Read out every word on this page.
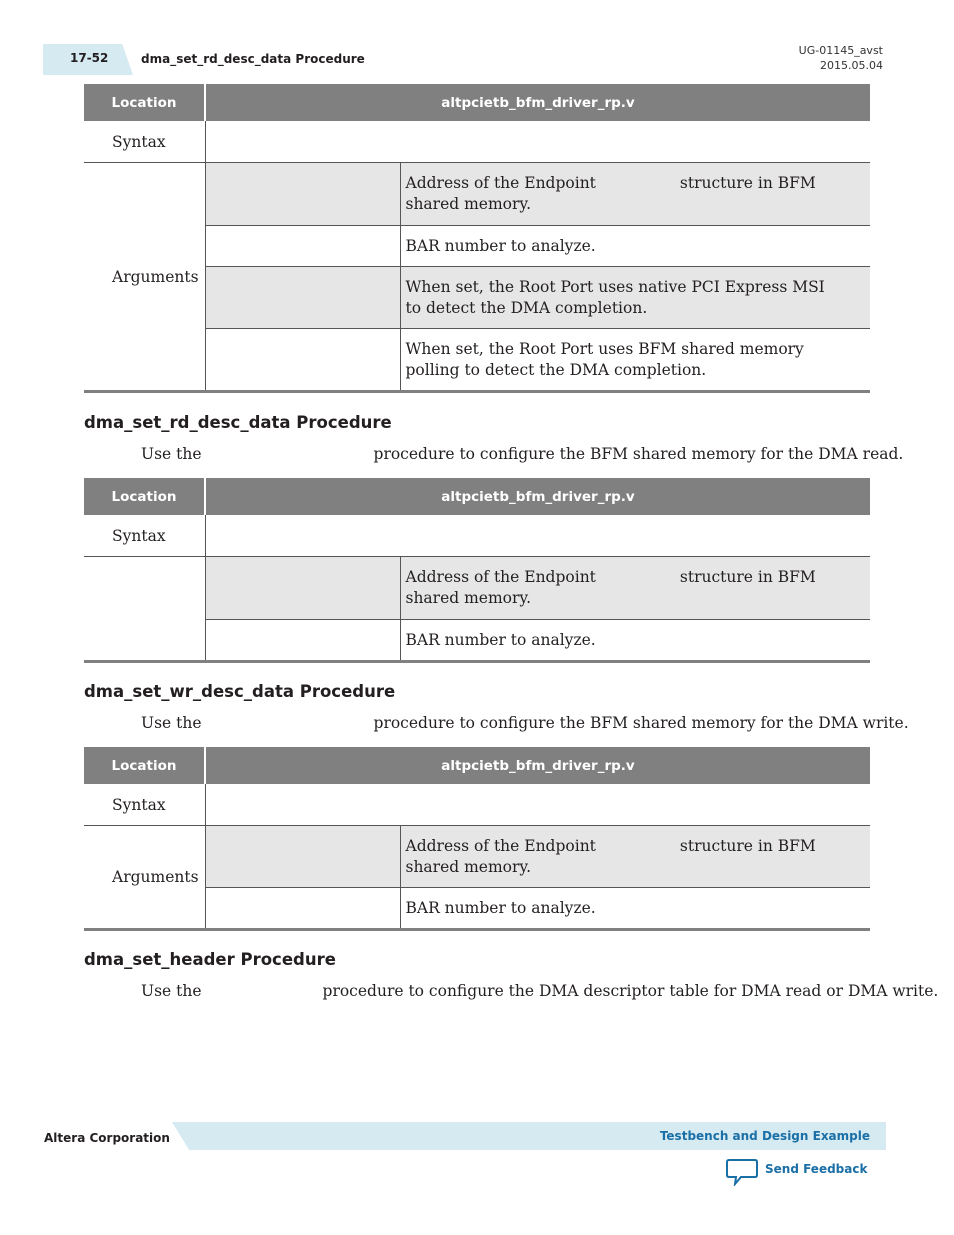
17-52	dma_set_rd_desc_data Procedure
UG-01145_avst
2015.05.04
Location	altpcietb_bfm_driver_rp.v	
Syntax		
Arguments		Address of the Endpoint structure in BFM shared memory.
		BAR number to analyze.
		When set, the Root Port uses native PCI Express MSI to detect the DMA completion.
		When set, the Root Port uses BFM shared memory polling to detect the DMA completion.
dma_set_rd_desc_data Procedure
Use the	procedure to configure the BFM shared memory for the DMA read.
Location	altpcietb_bfm_driver_rp.v	
Syntax		
		Address of the Endpoint structure in BFM shared memory.
		BAR number to analyze.
dma_set_wr_desc_data Procedure
Use the	procedure to configure the BFM shared memory for the DMA write.
Location	altpcietb_bfm_driver_rp.v	
Syntax		
Arguments		Address of the Endpoint structure in BFM shared memory.
		BAR number to analyze.
dma_set_header Procedure
Use the	procedure to configure the DMA descriptor table for DMA read or DMA write.
Altera Corporation	Testbench and Design Example
Send Feedback
